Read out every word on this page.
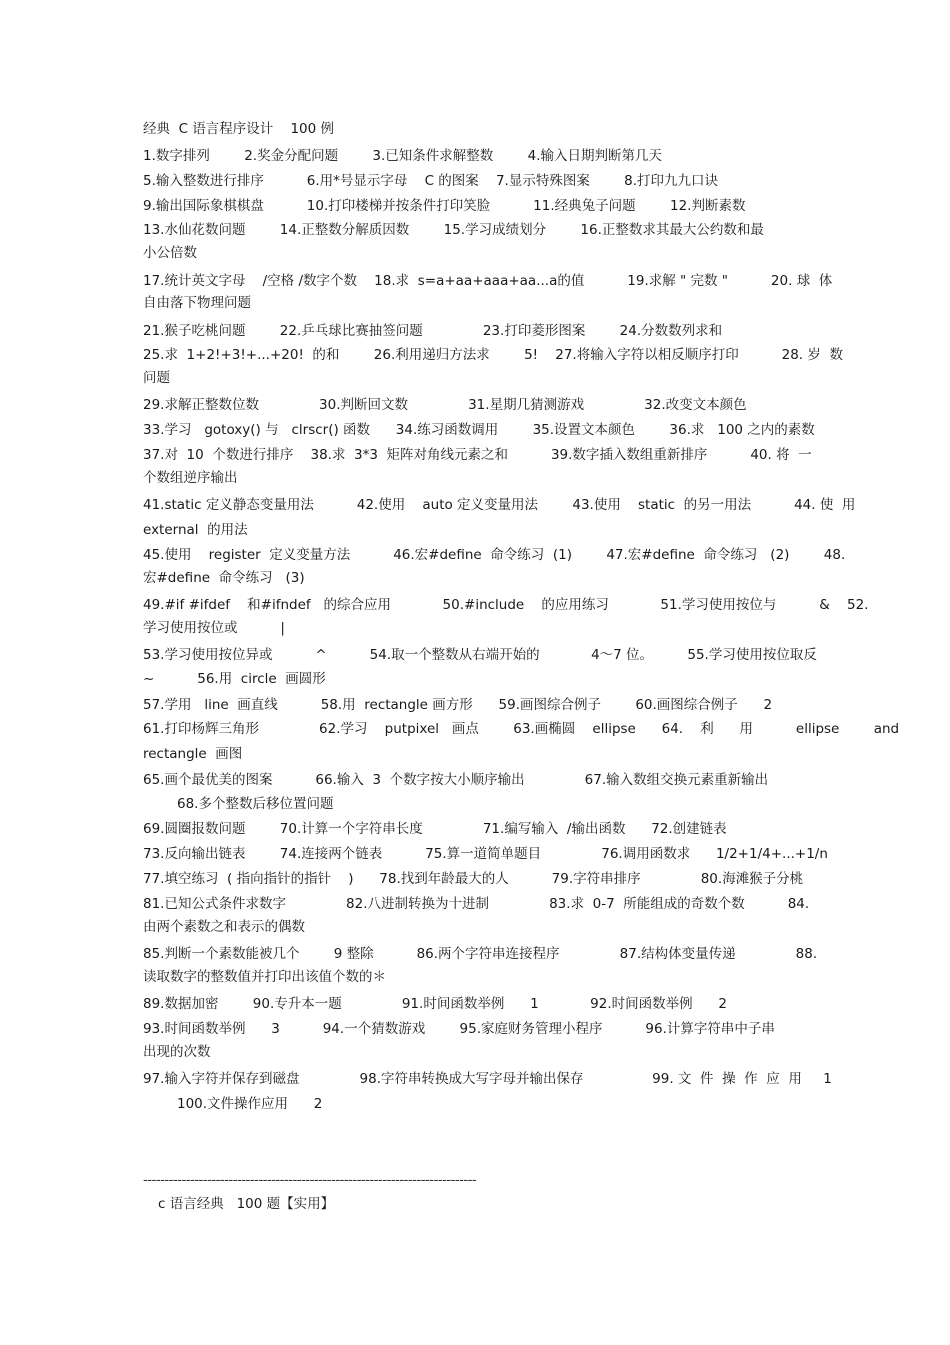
经典  C 语言程序设计    100 例
1.数字排列        2.奖金分配问题        3.已知条件求解整数        4.输入日期判断第几天
5.输入整数进行排序          6.用*号显示字母    C 的图案    7.显示特殊图案        8.打印九九口诀
9.输出国际象棋棋盘          10.打印楼梯并按条件打印笑脸          11.经典兔子问题        12.判断素数
13.水仙花数问题        14.正整数分解质因数        15.学习成绩划分        16.正整数求其最大公约数和最
小公倍数
17.统计英文字母    /空格 /数字个数    18.求  s=a+aa+aaa+aa...a的值          19.求解 " 完数 "          20. 球  体
自由落下物理问题
21.猴子吃桃问题        22.乒乓球比赛抽签问题              23.打印菱形图案        24.分数数列求和
25.求  1+2!+3!+...+20!  的和        26.利用递归方法求        5!    27.将输入字符以相反顺序打印          28. 岁  数
问题
29.求解正整数位数              30.判断回文数              31.星期几猜测游戏              32.改变文本颜色
33.学习   gotoxy() 与   clrscr() 函数      34.练习函数调用        35.设置文本颜色        36.求   100 之内的素数
37.对  10  个数进行排序    38.求  3*3  矩阵对角线元素之和          39.数字插入数组重新排序          40. 将  一
个数组逆序输出
41.static 定义静态变量用法          42.使用    auto 定义变量用法        43.使用    static  的另一用法          44. 使  用
external  的用法
45.使用    register  定义变量方法          46.宏#define  命令练习  (1)        47.宏#define  命令练习   (2)        48.
宏#define  命令练习   (3)
49.#if #ifdef    和#ifndef   的综合应用            50.#include    的应用练习            51.学习使用按位与          &    52.
学习使用按位或          |
53.学习使用按位异或          ^          54.取一个整数从右端开始的            4～7 位。        55.学习使用按位取反
~          56.用  circle  画圆形
57.学用   line  画直线          58.用  rectangle 画方形      59.画图综合例子        60.画图综合例子      2
61.打印杨辉三角形              62.学习    putpixel   画点        63.画椭圆    ellipse      64.    利      用          ellipse        and
rectangle  画图
65.画个最优美的图案          66.输入  3  个数字按大小顺序输出              67.输入数组交换元素重新输出
68.多个整数后移位置问题
69.圆圈报数问题        70.计算一个字符串长度              71.编写输入  /输出函数      72.创建链表
73.反向输出链表        74.连接两个链表          75.算一道简单题目              76.调用函数求      1/2+1/4+...+1/n
77.填空练习  ( 指向指针的指针    )      78.找到年龄最大的人          79.字符串排序              80.海滩猴子分桃
81.已知公式条件求数字              82.八进制转换为十进制              83.求  0-7  所能组成的奇数个数          84.
由两个素数之和表示的偶数
85.判断一个素数能被几个        9 整除          86.两个字符串连接程序              87.结构体变量传递              88.
读取数字的整数值并打印出该值个数的＊
89.数据加密        90.专升本一题              91.时间函数举例      1            92.时间函数举例      2
93.时间函数举例      3          94.一个猜数游戏        95.家庭财务管理小程序          96.计算字符串中子串
出现的次数
97.输入字符并保存到磁盘              98.字符串转换成大写字母并输出保存                99. 文  件  操  作  应  用     1
100.文件操作应用      2
------------------------------------------------------------------------------
c 语言经典   100 题【实用】
